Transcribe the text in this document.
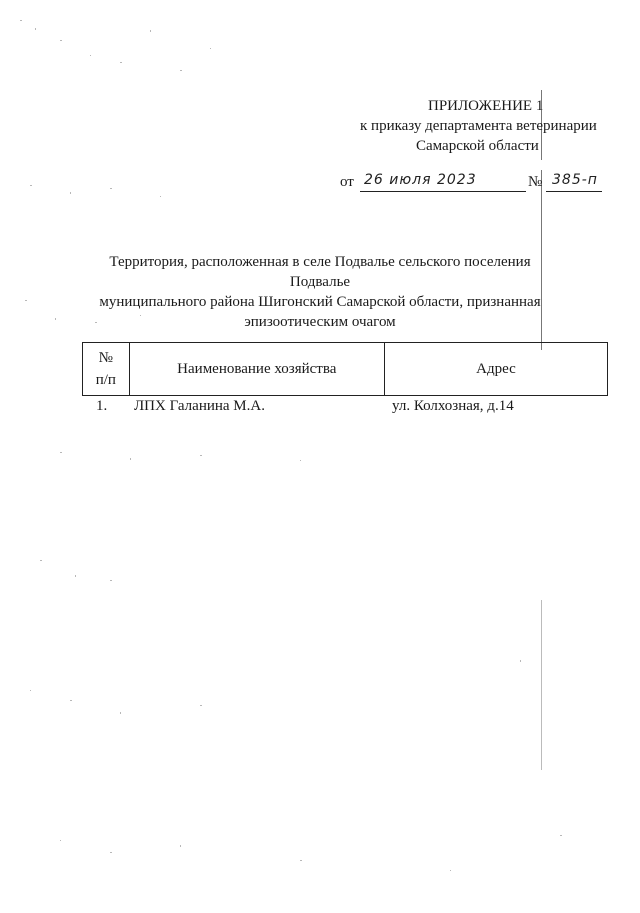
ПРИЛОЖЕНИЕ 1
к приказу департамента ветеринарии
Самарской области
от 26 июля 2023	№ 385-п
Территория, расположенная в селе Подвалье сельского поселения Подвалье
муниципального района Шигонский Самарской области, признанная
эпизоотическим очагом
№
п/п
	Наименование хозяйства	Адрес
1. ЛПХ Галанина М.А.	ул. Колхозная, д.14
